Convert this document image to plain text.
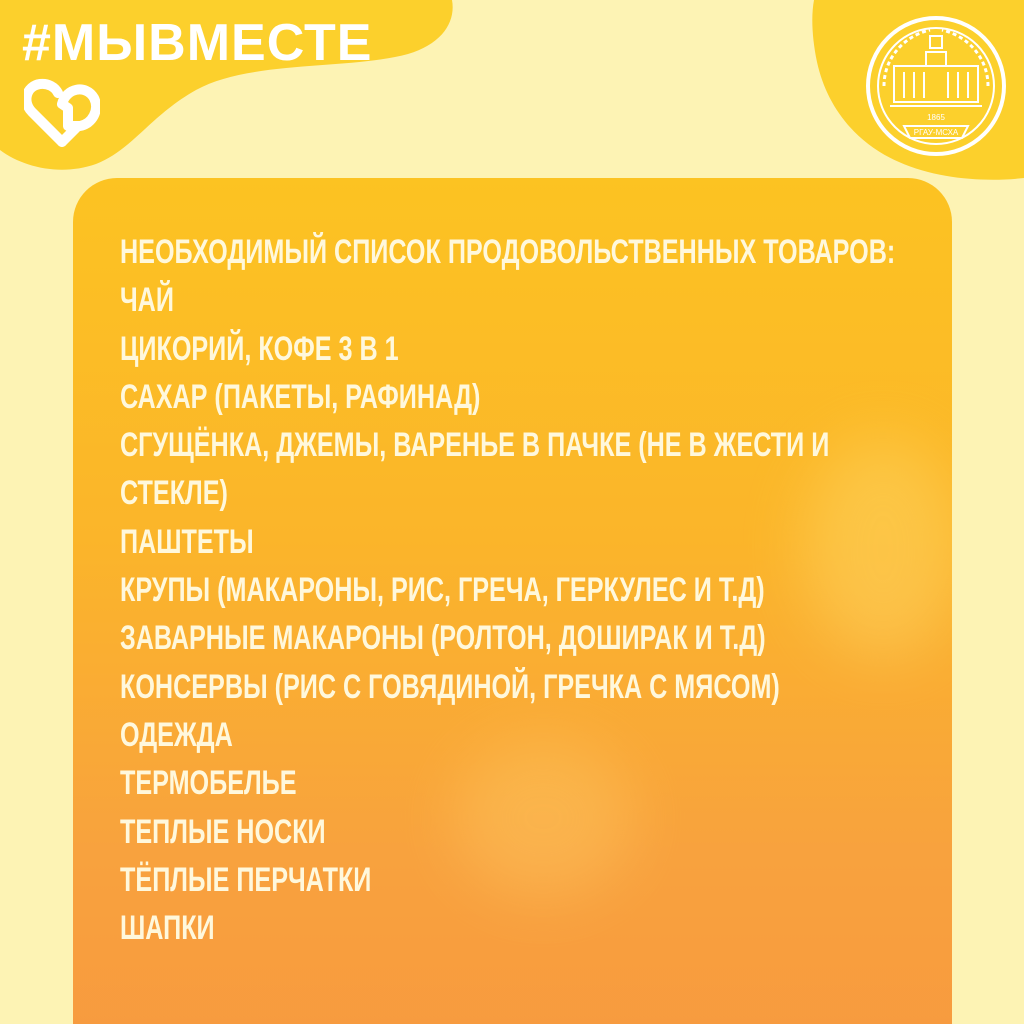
#МЫВМЕСТЕ
1865
РГАУ-МСХА
НЕОБХОДИМЫЙ СПИСОК ПРОДОВОЛЬСТВЕННЫХ ТОВАРОВ:
ЧАЙ
ЦИКОРИЙ, КОФЕ 3 В 1
САХАР (ПАКЕТЫ, РАФИНАД)
СГУЩЁНКА, ДЖЕМЫ, ВАРЕНЬЕ В ПАЧКЕ (НЕ В ЖЕСТИ И
СТЕКЛЕ)
ПАШТЕТЫ
КРУПЫ (МАКАРОНЫ, РИС, ГРЕЧА, ГЕРКУЛЕС И Т.Д)
ЗАВАРНЫЕ МАКАРОНЫ (РОЛТОН, ДОШИРАК И Т.Д)
КОНСЕРВЫ (РИС С ГОВЯДИНОЙ, ГРЕЧКА С МЯСОМ)
ОДЕЖДА
ТЕРМОБЕЛЬЕ
ТЕПЛЫЕ НОСКИ
ТЁПЛЫЕ ПЕРЧАТКИ
ШАПКИ
